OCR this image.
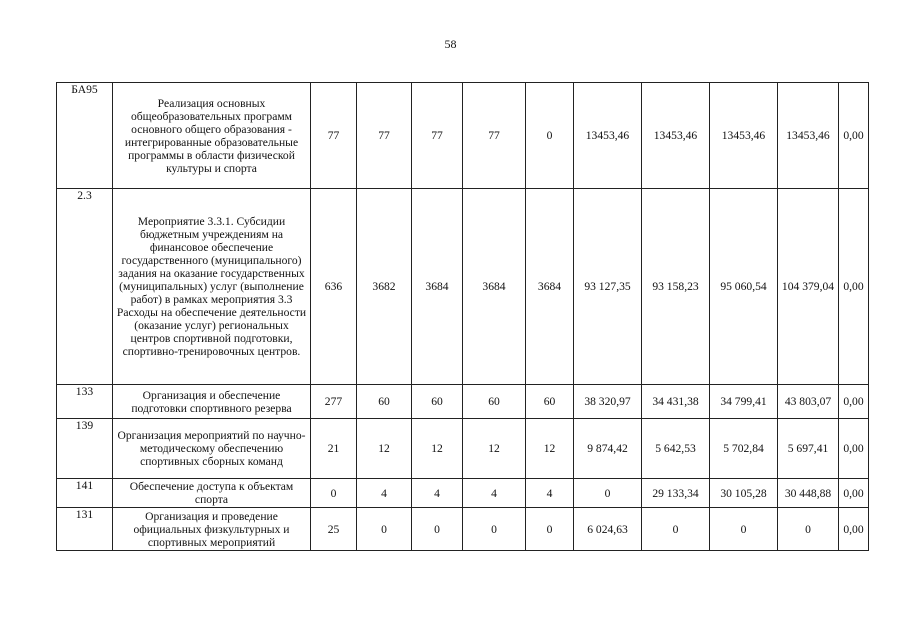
58
БА95	Реализация основных общеобразовательных программ основного общего образования - интегрированные образовательные программы в области физической культуры и спорта	77	77	77	77	0	13453,46	13453,46	13453,46	13453,46	0,00
2.3	Мероприятие 3.3.1. Субсидии бюджетным учреждениям на финансовое обеспечение государственного (муниципального) задания на оказание государственных (муниципальных) услуг (выполнение работ) в рамках мероприятия 3.3 Расходы на обеспечение деятельности (оказание услуг) региональных центров спортивной подготовки, спортивно-тренировочных центров.	636	3682	3684	3684	3684	93 127,35	93 158,23	95 060,54	104 379,04	0,00
133	Организация и обеспечение подготовки спортивного резерва	277	60	60	60	60	38 320,97	34 431,38	34 799,41	43 803,07	0,00
139	Организация мероприятий по научно-методическому обеспечению спортивных сборных команд	21	12	12	12	12	9 874,42	5 642,53	5 702,84	5 697,41	0,00
141	Обеспечение доступа к объектам спорта	0	4	4	4	4	0	29 133,34	30 105,28	30 448,88	0,00
131	Организация и проведение официальных физкультурных и спортивных мероприятий	25	0	0	0	0	6 024,63	0	0	0	0,00
